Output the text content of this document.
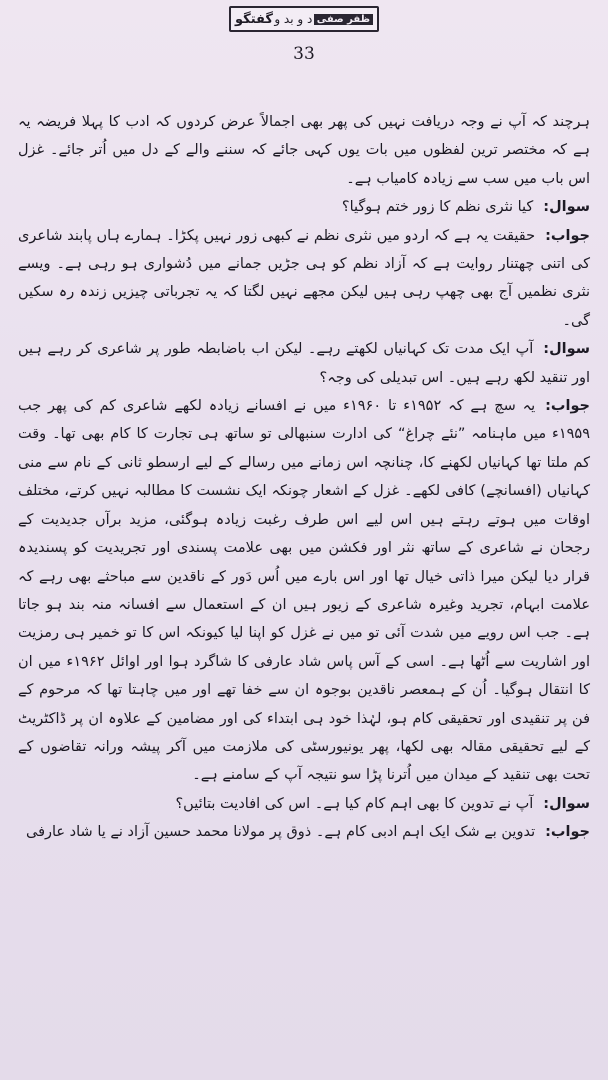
گفتگو د و بد و ظفر صفی
33

ہرچند کہ آپ نے وجہ دریافت نہیں کی پھر بھی اجمالاً عرض کردوں کہ ادب کا پہلا فریضہ یہ ہے کہ مختصر ترین لفظوں میں بات یوں کہی جائے کہ سننے والے کے دل میں اُتر جائے۔ غزل اس باب میں سب سے زیادہ کامیاب ہے۔

سوال:کیا نثری نظم کا زور ختم ہوگیا؟

جواب:حقیقت یہ ہے کہ اردو میں نثری نظم نے کبھی زور نہیں پکڑا۔ ہمارے ہاں پابند شاعری کی اتنی چھتنار روایت ہے کہ آزاد نظم کو ہی جڑیں جمانے میں دُشواری ہو رہی ہے۔ ویسے نثری نظمیں آج بھی چھپ رہی ہیں لیکن مجھے نہیں لگتا کہ یہ تجرباتی چیزیں زندہ رہ سکیں گی۔

سوال:آپ ایک مدت تک کہانیاں لکھتے رہے۔ لیکن اب باضابطہ طور پر شاعری کر رہے ہیں اور تنقید لکھ رہے ہیں۔ اس تبدیلی کی وجہ؟

جواب:یہ سچ ہے کہ ۱۹۵۲ء تا ۱۹۶۰ء میں نے افسانے زیادہ لکھے شاعری کم کی پھر جب ۱۹۵۹ء میں ماہنامہ ”نئے چراغ“ کی ادارت سنبھالی تو ساتھ ہی تجارت کا کام بھی تھا۔ وقت کم ملتا تھا کہانیاں لکھنے کا، چنانچہ اس زمانے میں رسالے کے لیے ارسطو ثانی کے نام سے منی کہانیاں (افسانچے) کافی لکھے۔ غزل کے اشعار چونکہ ایک نشست کا مطالبہ نہیں کرتے، مختلف اوقات میں ہوتے رہتے ہیں اس لیے اس طرف رغبت زیادہ ہوگئی، مزید برآں جدیدیت کے رجحان نے شاعری کے ساتھ نثر اور فکشن میں بھی علامت پسندی اور تجریدیت کو پسندیدہ قرار دیا لیکن میرا ذاتی خیال تھا اور اس بارے میں اُس دَور کے ناقدین سے مباحثے بھی رہے کہ علامت ابہام، تجرید وغیرہ شاعری کے زیور ہیں ان کے استعمال سے افسانہ منہ بند ہو جاتا ہے۔ جب اس رویے میں شدت آئی تو میں نے غزل کو اپنا لیا کیونکہ اس کا تو خمیر ہی رمزیت اور اشاریت سے اُٹھا ہے۔ اسی کے آس پاس شاد عارفی کا شاگرد ہوا اور اوائل ۱۹۶۲ء میں ان کا انتقال ہوگیا۔ اُن کے ہمعصر ناقدین بوجوہ ان سے خفا تھے اور میں چاہتا تھا کہ مرحوم کے فن پر تنقیدی اور تحقیقی کام ہو، لہٰذا خود ہی ابتداء کی اور مضامین کے علاوہ ان پر ڈاکٹریٹ کے لیے تحقیقی مقالہ بھی لکھا، پھر یونیورسٹی کی ملازمت میں آکر پیشہ ورانہ تقاضوں کے تحت بھی تنقید کے میدان میں اُترنا پڑا سو نتیجہ آپ کے سامنے ہے۔

سوال:آپ نے تدوین کا بھی اہم کام کیا ہے۔ اس کی افادیت بتائیں؟

جواب:تدوین بے شک ایک اہم ادبی کام ہے۔ ذوق پر مولانا محمد حسین آزاد نے یا شاد عارفی
